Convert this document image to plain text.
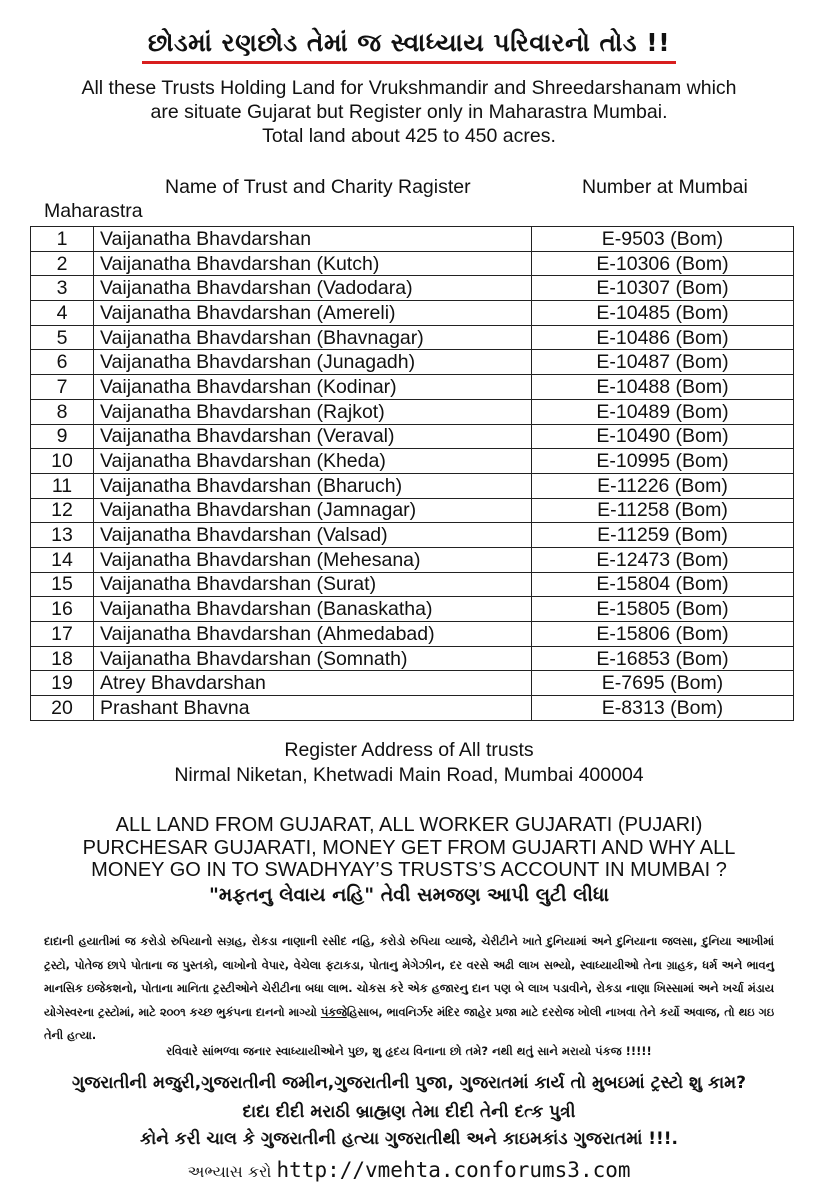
છોડમાં રણછોડ તેમાં જ સ્વાધ્યાય પરિવારનો તોડ !!
All these Trusts Holding Land for Vrukshmandir and Shreedarshanam which
are situate Gujarat but Register only in Maharastra Mumbai.
Total land about 425 to 450 acres.
Name of Trust and Charity Ragister	Number at Mumbai
Maharastra
1	Vaijanatha Bhavdarshan	E-9503 (Bom)
2	Vaijanatha Bhavdarshan (Kutch)	E-10306 (Bom)
3	Vaijanatha Bhavdarshan (Vadodara)	E-10307 (Bom)
4	Vaijanatha Bhavdarshan (Amereli)	E-10485 (Bom)
5	Vaijanatha Bhavdarshan (Bhavnagar)	E-10486 (Bom)
6	Vaijanatha Bhavdarshan (Junagadh)	E-10487 (Bom)
7	Vaijanatha Bhavdarshan (Kodinar)	E-10488 (Bom)
8	Vaijanatha Bhavdarshan (Rajkot)	E-10489 (Bom)
9	Vaijanatha Bhavdarshan (Veraval)	E-10490 (Bom)
10	Vaijanatha Bhavdarshan (Kheda)	E-10995 (Bom)
11	Vaijanatha Bhavdarshan (Bharuch)	E-11226 (Bom)
12	Vaijanatha Bhavdarshan (Jamnagar)	E-11258 (Bom)
13	Vaijanatha Bhavdarshan (Valsad)	E-11259 (Bom)
14	Vaijanatha Bhavdarshan (Mehesana)	E-12473 (Bom)
15	Vaijanatha Bhavdarshan (Surat)	E-15804 (Bom)
16	Vaijanatha Bhavdarshan (Banaskatha)	E-15805 (Bom)
17	Vaijanatha Bhavdarshan (Ahmedabad)	E-15806 (Bom)
18	Vaijanatha Bhavdarshan (Somnath)	E-16853 (Bom)
19	Atrey Bhavdarshan	E-7695 (Bom)
20	Prashant Bhavna	E-8313 (Bom)
Register Address of All trusts
Nirmal Niketan, Khetwadi Main Road, Mumbai 400004
ALL LAND FROM GUJARAT, ALL WORKER GUJARATI (PUJARI)
PURCHESAR GUJARATI, MONEY GET FROM GUJARTI AND WHY ALL
MONEY GO IN TO SWADHYAY’S TRUSTS’S ACCOUNT IN MUMBAI ?
"મફતનુ લેવાય નહિ" તેવી સમજણ આપી લુટી લીધા
દાદાની હયાતીમાં જ કરોડો રુપિયાનો સગ્રહ, રોકડા નાણાની રસીદ નહિ, કરોડો રુપિયા વ્યાજે, ચેરીટીને ખાતે દુનિયામાં અને દુનિયાના જલસા, દુનિયા આખીમાં ટ્રસ્ટો, પોતેજ છાપે પોતાના જ પુસ્તકો, લાખોનો વેપાર, વેચેલા ફટાકડા, પોતાનુ મેગેઝીન, દર વરસે અઢી લાખ સભ્યો, સ્વાધ્યાયીઓ તેના ગ્રાહક, ધર્મ અને ભાવનુ માનસિક ઇજેકશનો, પોતાના માનિતા ટ્રસ્ટીઓને ચેરીટીના બધા લાભ. ચોકસ કરે એક હજારનુ દાન પણ બે લાખ પડાવીને, રોકડા નાણા ખિસ્સામાં અને ખર્ચા મંડાય યોગેસ્વરના ટ્રસ્ટોમાં, માટે ૨૦૦૧ કચ્છ ભુકંપના દાનનો માગ્યો પંકજેહિસાબ, ભાવનિર્ઝર મંદિર જાહેર પ્રજા માટે દરરોજ ખોલી નાખવા તેને કર્યો અવાજ, તો થઇ ગઇ તેની હત્યા.
રવિવારે સાંભળ્વા જનાર સ્વાધ્યાયીઓને પુછ, શુ હૃદય વિનાના છો તમે? નથી થતું સાને મરાયો પંકજ !!!!!
ગુજરાતીની મજુરી,ગુજરાતીની જમીન,ગુજરાતીની પુજા, ગુજરાતમાં કાર્ય તો મુબઇમાં ટ્રસ્ટો શુ કામ?
દાદા દીદી મરાઠી બ્રાહ્મણ તેમા દીદી તેની દત્ક પુત્રી
કોને કરી ચાલ કે ગુજરાતીની હત્યા ગુજરાતીથી અને કાઇમકાંડ ગુજરાતમાં !!!.
અભ્યાસ કરો http://vmehta.conforums3.com
